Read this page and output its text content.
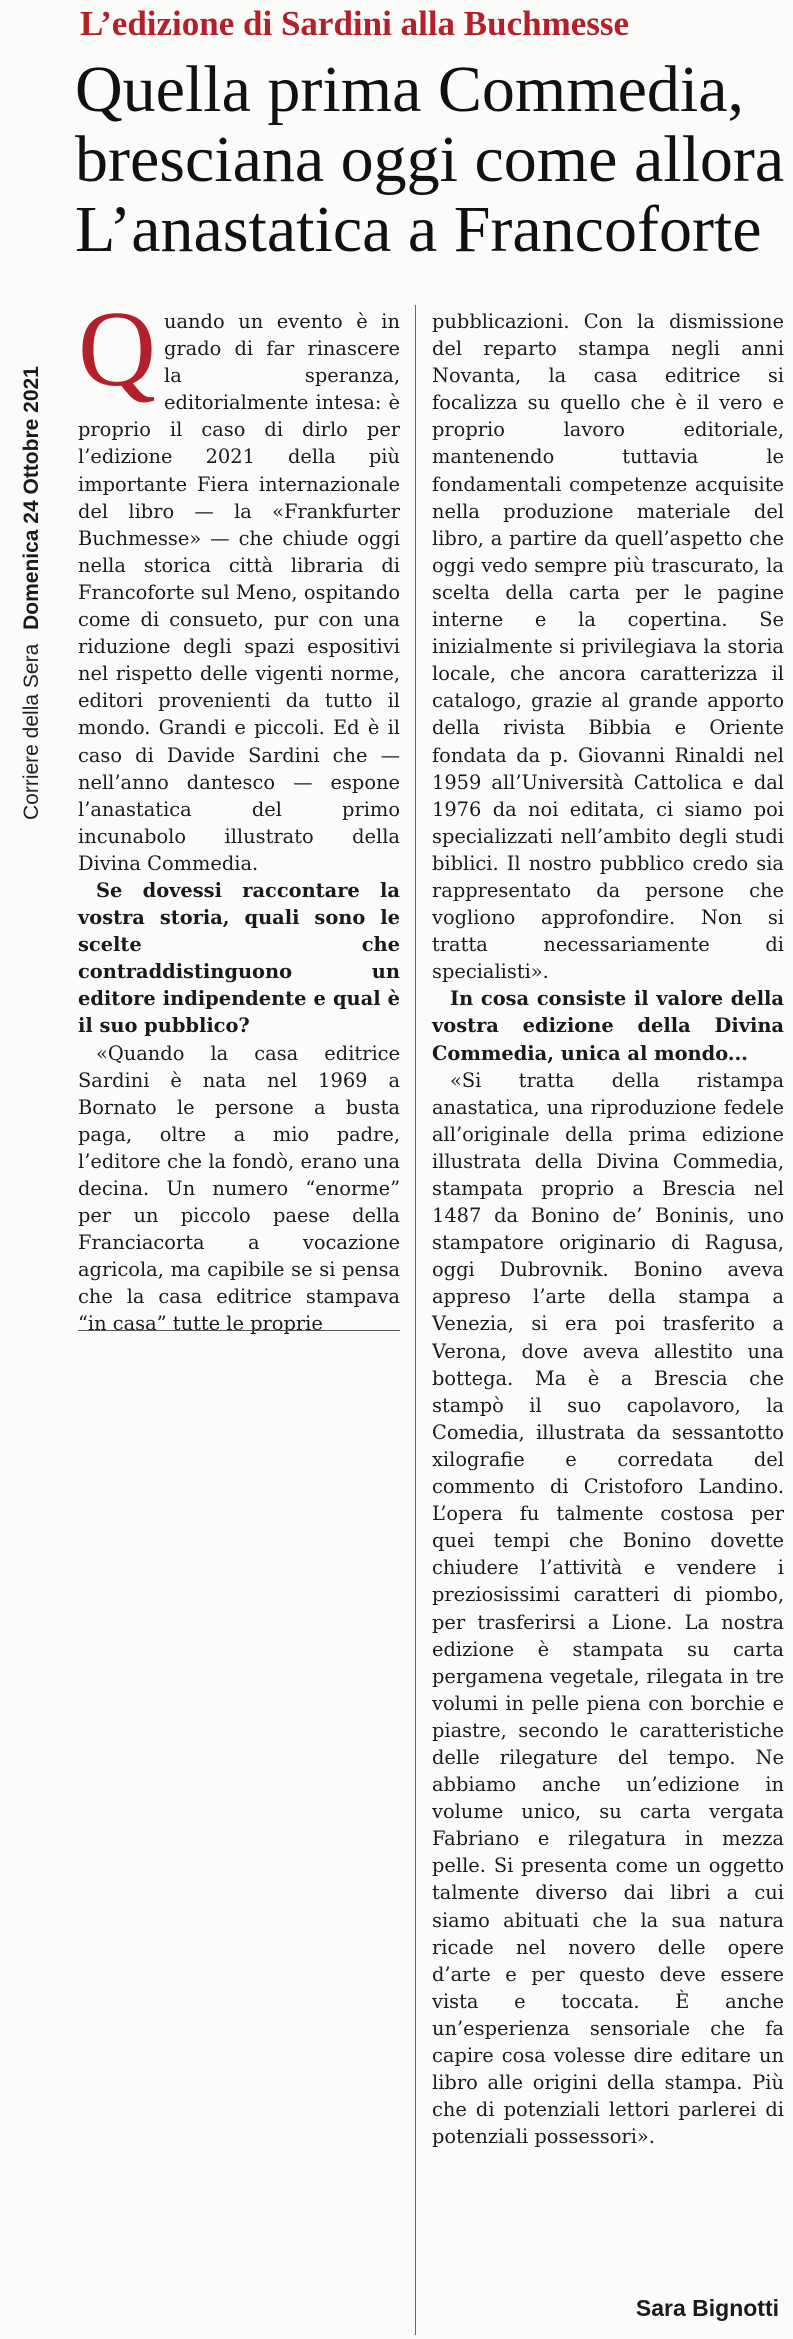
L’edizione di Sardini alla Buchmesse
Quella prima Commedia,
bresciana oggi come allora
L’anastatica a Francoforte
Corriere della Sera Domenica 24 Ottobre 2021
Q uando un evento è in grado di far rinascere la speranza, editorialmente intesa: è proprio il caso di dirlo per l’edizione 2021 della più importante Fiera internazionale del libro — la «Frankfurter Buchmesse» — che chiude oggi nella storica città libraria di Francoforte sul Meno, ospitando come di consueto, pur con una riduzione degli spazi espositivi nel rispetto delle vigenti norme, editori provenienti da tutto il mondo. Grandi e piccoli. Ed è il caso di Davide Sardini che — nell’anno dantesco — espone l’anastatica del primo incunabolo illustrato della Divina Commedia.

Se dovessi raccontare la vostra storia, quali sono le scelte che contraddistinguono un editore indipendente e qual è il suo pubblico?

«Quando la casa editrice Sardini è nata nel 1969 a Bornato le persone a busta paga, oltre a mio padre, l’editore che la fondò, erano una decina. Un numero “enorme” per un piccolo paese della Franciacorta a vocazione agricola, ma capibile se si pensa che la casa editrice stampava “in casa” tutte le proprie

pubblicazioni. Con la dismissione del reparto stampa negli anni Novanta, la casa editrice si focalizza su quello che è il vero e proprio lavoro editoriale, mantenendo tuttavia le fondamentali competenze acquisite nella produzione materiale del libro, a partire da quell’aspetto che oggi vedo sempre più trascurato, la scelta della carta per le pagine interne e la copertina. Se inizialmente si privilegiava la storia locale, che ancora caratterizza il catalogo, grazie al grande apporto della rivista Bibbia e Oriente fondata da p. Giovanni Rinaldi nel 1959 all’Università Cattolica e dal 1976 da noi editata, ci siamo poi specializzati nell’ambito degli studi biblici. Il nostro pubblico credo sia rappresentato da persone che vogliono approfondire. Non si tratta necessariamente di specialisti».

In cosa consiste il valore della vostra edizione della Divina Commedia, unica al mondo...

«Si tratta della ristampa anastatica, una riproduzione fedele all’originale della prima edizione illustrata della Divina Commedia, stampata proprio a Brescia nel 1487 da Bonino de’ Boninis, uno stampatore originario di Ragusa, oggi Dubrovnik. Bonino aveva appreso l’arte della stampa a Venezia, si era poi trasferito a Verona, dove aveva allestito una bottega. Ma è a Brescia che stampò il suo capolavoro, la Comedia, illustrata da sessantotto xilografie e corredata del commento di Cristoforo Landino. L’opera fu talmente costosa per quei tempi che Bonino dovette chiudere l’attività e vendere i preziosissimi caratteri di piombo, per trasferirsi a Lione. La nostra edizione è stampata su carta pergamena vegetale, rilegata in tre volumi in pelle piena con borchie e piastre, secondo le caratteristiche delle rilegature del tempo. Ne abbiamo anche un’edizione in volume unico, su carta vergata Fabriano e rilegatura in mezza pelle. Si presenta come un oggetto talmente diverso dai libri a cui siamo abituati che la sua natura ricade nel novero delle opere d’arte e per questo deve essere vista e toccata. È anche un’esperienza sensoriale che fa capire cosa volesse dire editare un libro alle origini della stampa. Più che di potenziali lettori parlerei di potenziali possessori».

Sara Bignotti
